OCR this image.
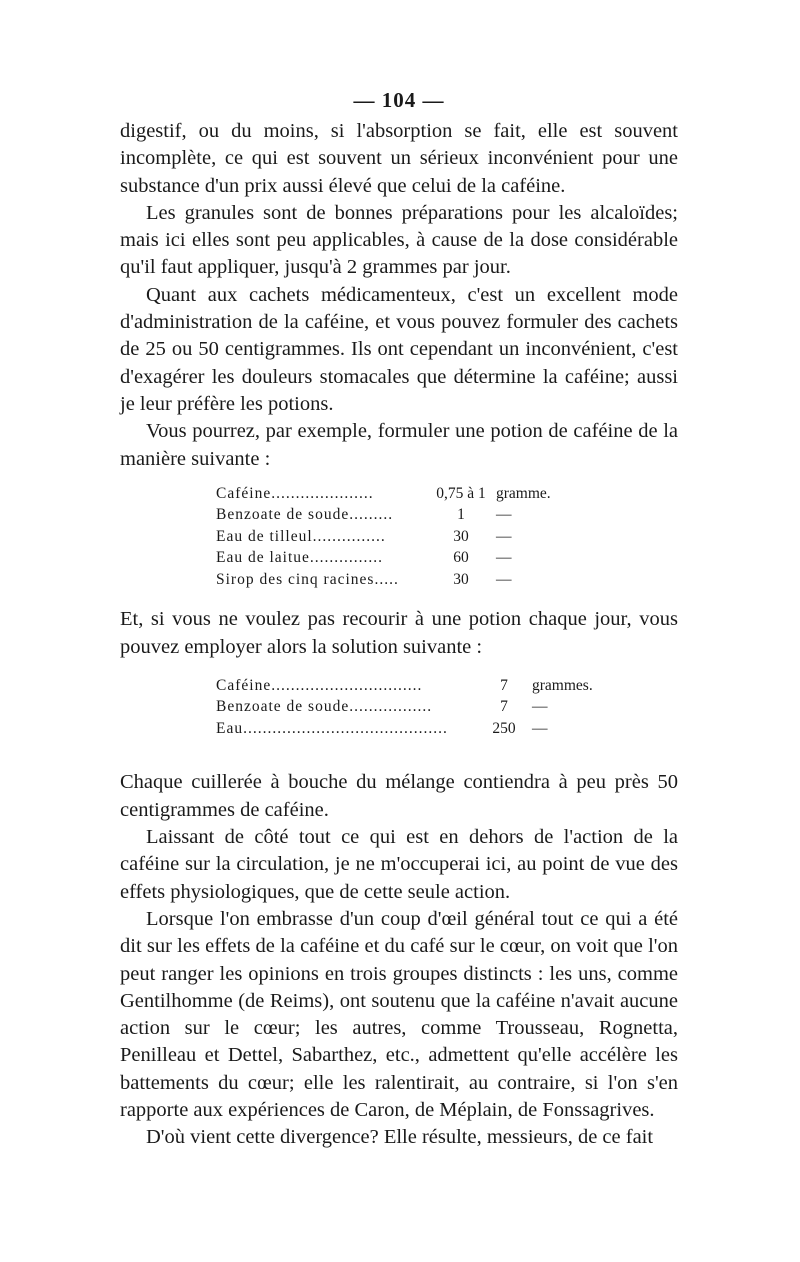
— 104 —

digestif, ou du moins, si l'absorption se fait, elle est souvent incomplète, ce qui est souvent un sérieux inconvénient pour une substance d'un prix aussi élevé que celui de la caféine.

Les granules sont de bonnes préparations pour les alcaloïdes; mais ici elles sont peu applicables, à cause de la dose considérable qu'il faut appliquer, jusqu'à 2 grammes par jour.

Quant aux cachets médicamenteux, c'est un excellent mode d'administration de la caféine, et vous pouvez formuler des cachets de 25 ou 50 centigrammes. Ils ont cependant un inconvénient, c'est d'exagérer les douleurs stomacales que détermine la caféine; aussi je leur préfère les potions.

Vous pourrez, par exemple, formuler une potion de caféine de la manière suivante :

Caféine.....................	0,75 à 1	gramme.
Benzoate de soude.........	1	—
Eau de tilleul...............	30	—
Eau de laitue...............	60	—
Sirop des cinq racines.....	30	—

Et, si vous ne voulez pas recourir à une potion chaque jour, vous pouvez employer alors la solution suivante :

Caféine...............................	7	grammes.
Benzoate de soude.................	7	—
Eau..........................................	250	—

Chaque cuillerée à bouche du mélange contiendra à peu près 50 centigrammes de caféine.

Laissant de côté tout ce qui est en dehors de l'action de la caféine sur la circulation, je ne m'occuperai ici, au point de vue des effets physiologiques, que de cette seule action.

Lorsque l'on embrasse d'un coup d'œil général tout ce qui a été dit sur les effets de la caféine et du café sur le cœur, on voit que l'on peut ranger les opinions en trois groupes distincts : les uns, comme Gentilhomme (de Reims), ont soutenu que la caféine n'avait aucune action sur le cœur; les autres, comme Trousseau, Rognetta, Penilleau et Dettel, Sabarthez, etc., admettent qu'elle accélère les battements du cœur; elle les ralentirait, au contraire, si l'on s'en rapporte aux expériences de Caron, de Méplain, de Fonssagrives.

D'où vient cette divergence? Elle résulte, messieurs, de ce fait
